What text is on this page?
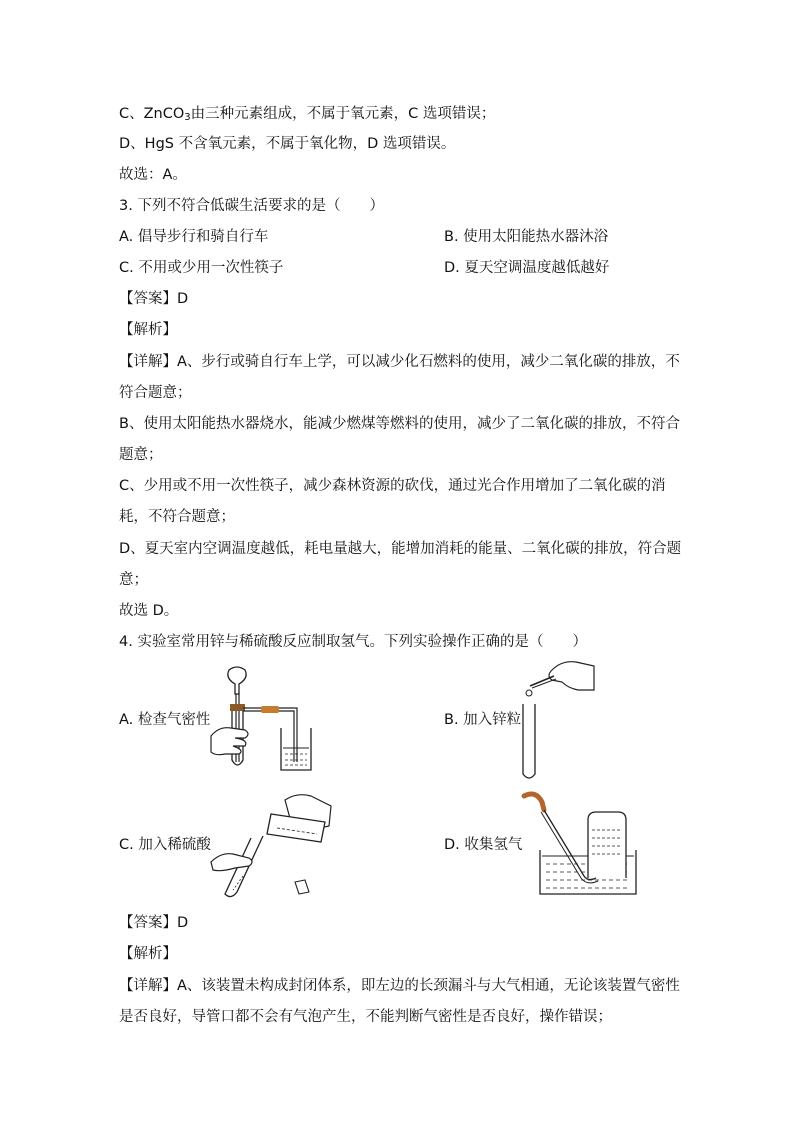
C、ZnCO$_3$由三种元素组成，不属于氧元素，C 选项错误；
D、HgS 不含氧元素，不属于氧化物，D 选项错误。
故选：A。
3. 下列不符合低碳生活要求的是（　　）
A. 倡导步行和骑自行车	B. 使用太阳能热水器沐浴
C. 不用或少用一次性筷子	D. 夏天空调温度越低越好
【答案】D
【解析】
【详解】A、步行或骑自行车上学，可以减少化石燃料的使用，减少二氧化碳的排放，不
符合题意；
B、使用太阳能热水器烧水，能减少燃煤等燃料的使用，减少了二氧化碳的排放，不符合
题意；
C、少用或不用一次性筷子，减少森林资源的砍伐，通过光合作用增加了二氧化碳的消
耗，不符合题意；
D、夏天室内空调温度越低，耗电量越大，能增加消耗的能量、二氧化碳的排放，符合题
意；
故选 D。
4. 实验室常用锌与稀硫酸反应制取氢气。下列实验操作正确的是（　　）
A. 检查气密性	B. 加入锌粒
C. 加入稀硫酸	D. 收集氢气
【答案】D
【解析】
【详解】A、该装置未构成封闭体系，即左边的长颈漏斗与大气相通，无论该装置气密性
是否良好，导管口都不会有气泡产生，不能判断气密性是否良好，操作错误；
